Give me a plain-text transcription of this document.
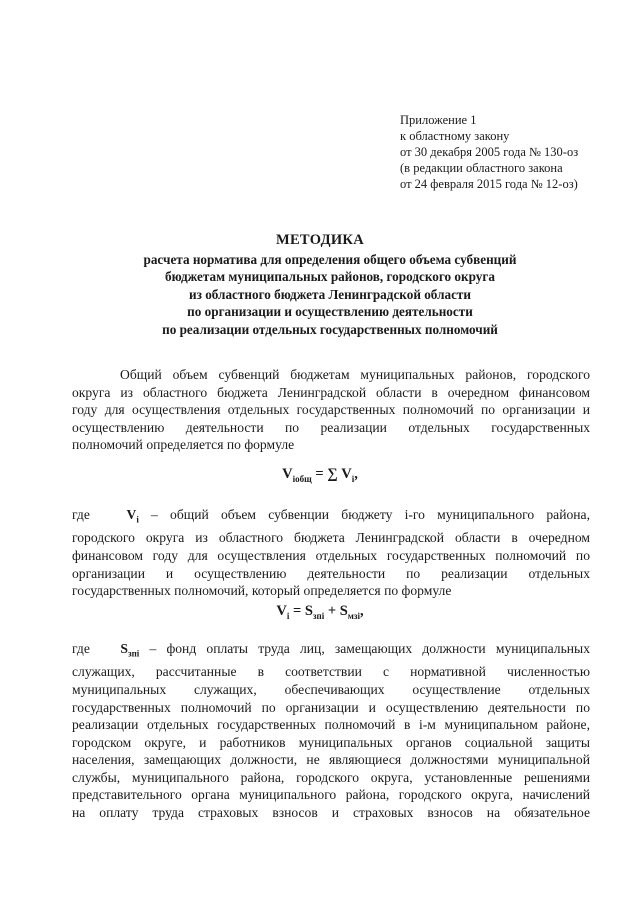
Приложение 1
к областному закону
от 30 декабря 2005 года № 130-оз
(в редакции областного закона
от 24 февраля 2015 года № 12-оз)
МЕТОДИКА
расчета норматива для определения общего объема субвенций
бюджетам муниципальных районов, городского округа
из областного бюджета Ленинградской области
по организации и осуществлению деятельности
по реализации отдельных государственных полномочий
Общий объем субвенций бюджетам муниципальных районов, городского
округа из областного бюджета Ленинградской области в очередном финансовом
году для осуществления отдельных государственных полномочий по организации и
осуществлению деятельности по реализации отдельных государственных
полномочий определяется по формуле
$V_{iобщ}$ = ∑ $V_i$,
где	$V_i$ – общий объем субвенции бюджету i-го муниципального района,
городского округа из областного бюджета Ленинградской области в очередном
финансовом году для осуществления отдельных государственных полномочий по
организации и осуществлению деятельности по реализации отдельных
государственных полномочий, который определяется по формуле
$V_i = S_{зпi} + S_{мзi}$,
где $S_{зпi}$ – фонд оплаты труда лиц, замещающих должности муниципальных
служащих, рассчитанные в соответствии с нормативной численностью
муниципальных служащих, обеспечивающих осуществление отдельных
государственных полномочий по организации и осуществлению деятельности по
реализации отдельных государственных полномочий в i-м муниципальном районе,
городском округе, и работников муниципальных органов социальной защиты
населения, замещающих должности, не являющиеся должностями муниципальной
службы, муниципального района, городского округа, установленные решениями
представительного органа муниципального района, городского округа, начислений
на оплату труда страховых взносов и страховых взносов на обязательное
